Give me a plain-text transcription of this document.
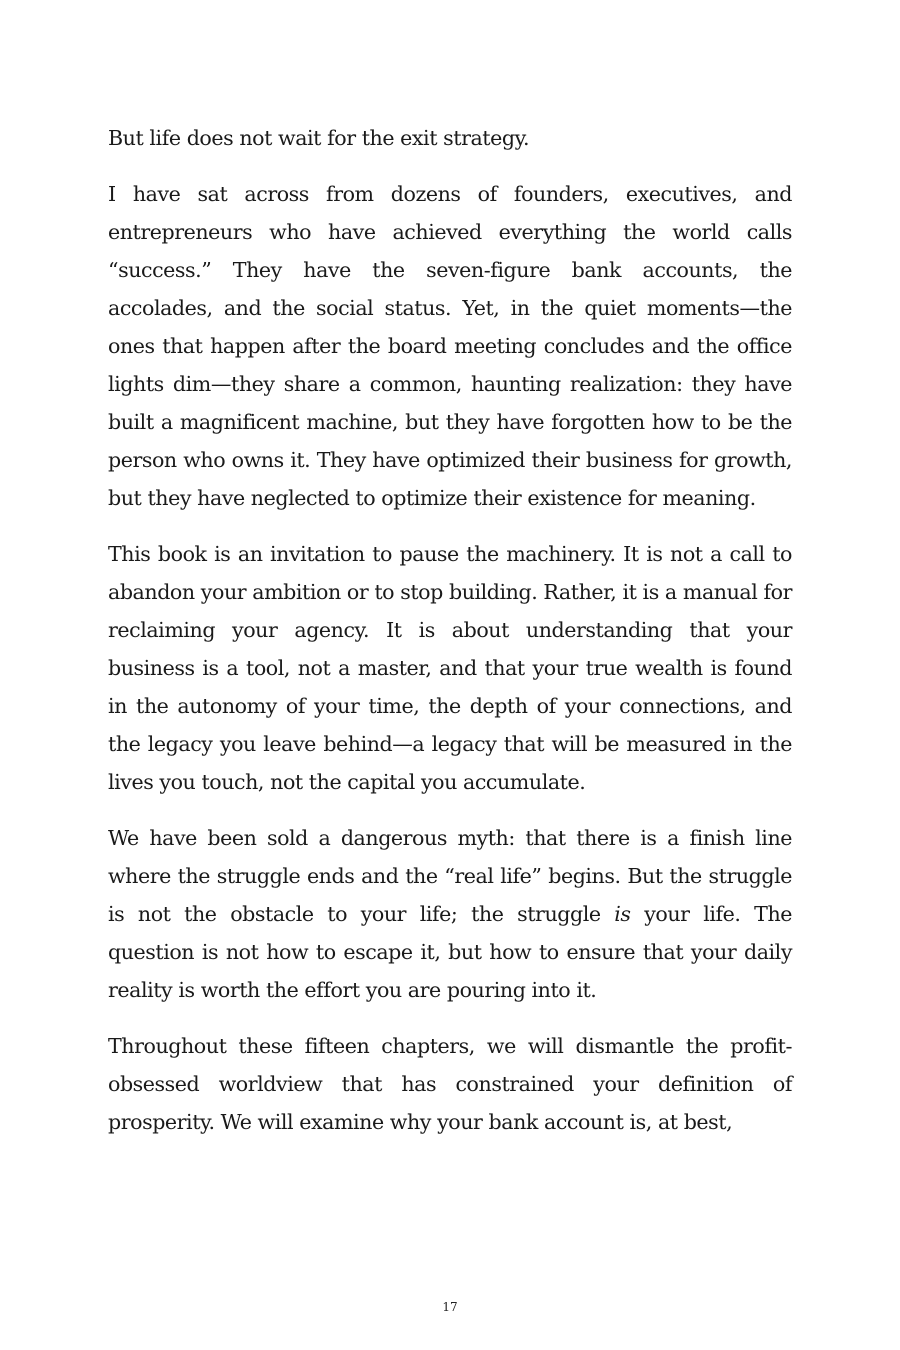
But life does not wait for the exit strategy.

I have sat across from dozens of founders, executives, and entrepreneurs who have achieved everything the world calls “success.” They have the seven-figure bank accounts, the accolades, and the social status. Yet, in the quiet moments—the ones that happen after the board meeting concludes and the office lights dim—they share a common, haunting realization: they have built a magnificent machine, but they have forgotten how to be the person who owns it. They have optimized their business for growth, but they have neglected to optimize their existence for meaning.

This book is an invitation to pause the machinery. It is not a call to abandon your ambition or to stop building. Rather, it is a manual for reclaiming your agency. It is about understanding that your business is a tool, not a master, and that your true wealth is found in the autonomy of your time, the depth of your connections, and the legacy you leave behind—a legacy that will be measured in the lives you touch, not the capital you accumulate.

We have been sold a dangerous myth: that there is a finish line where the struggle ends and the “real life” begins. But the struggle is not the obstacle to your life; the struggle is your life. The question is not how to escape it, but how to ensure that your daily reality is worth the effort you are pouring into it.

Throughout these fifteen chapters, we will dismantle the profit-obsessed worldview that has constrained your definition of prosperity. We will examine why your bank account is, at best,

17
